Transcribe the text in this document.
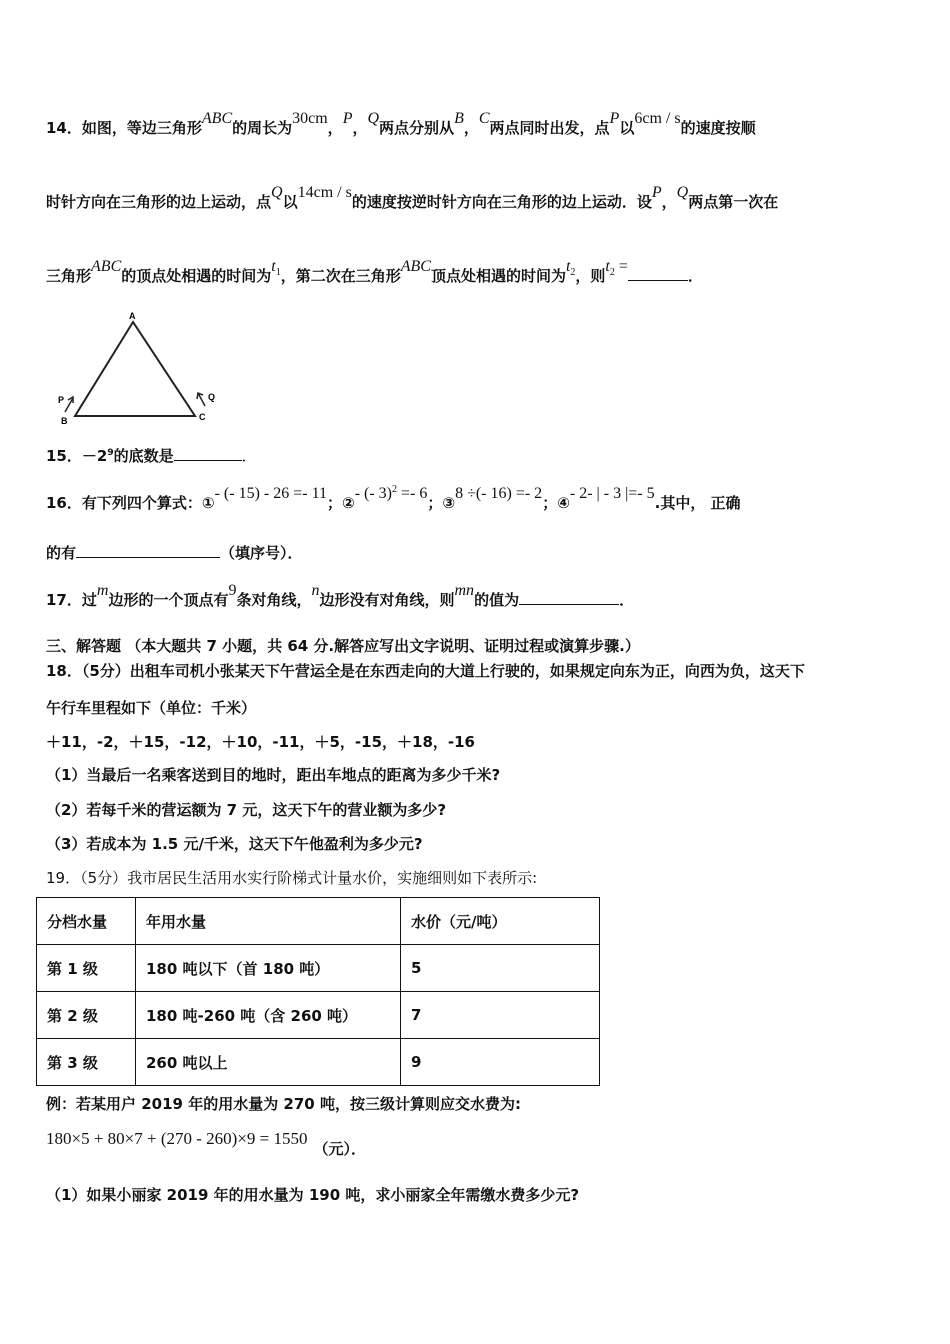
14．如图，等边三角形ABC的周长为30cm，P，Q两点分别从B，C两点同时出发，点P以6cm / s的速度按顺
时针方向在三角形的边上运动，点Q以14cm / s的速度按逆时针方向在三角形的边上运动．设P，Q两点第一次在
三角形ABC的顶点处相遇的时间为$t^1$，第二次在三角形ABC顶点处相遇的时间为$t^2$，则$t^2$ =．
A
B	C
P	Q
15．$-2^9$的底数是	．
16．有下列四个算式：①- (- 15) - 26 =- 11；②- (- 3)$^2$ =- 6；③8 ÷(- 16) =- 2；④- 2- | - 3 |=- 5.其中， 正确
的有	（填序号）．
17．过m边形的一个顶点有9条对角线，n边形没有对角线，则mn的值为	．
三、解答题 （本大题共 7 小题，共 64 分.解答应写出文字说明、证明过程或演算步骤.）
18．（5分）出租车司机小张某天下午营运全是在东西走向的大道上行驶的，如果规定向东为正，向西为负，这天下
午行车里程如下（单位：千米）
＋11，-2，＋15，-12，＋10，-11，＋5，-15，＋18，-16
（1）当最后一名乘客送到目的地时，距出车地点的距离为多少千米?
（2）若每千米的营运额为 7 元，这天下午的营业额为多少?
（3）若成本为 1.5 元/千米，这天下午他盈利为多少元?
19．（5分）我市居民生活用水实行阶梯式计量水价，实施细则如下表所示:
分档水量	年用水量	水价（元/吨）
第 1 级	180 吨以下（首 180 吨）	5
第 2 级	180 吨-260 吨（含 260 吨）	7
第 3 级	260 吨以上	9
例：若某用户 2019 年的用水量为 270 吨，按三级计算则应交水费为:
180×5 + 80×7 + (270 - 260)×9 = 1550（元）．
（1）如果小丽家 2019 年的用水量为 190 吨，求小丽家全年需缴水费多少元?
